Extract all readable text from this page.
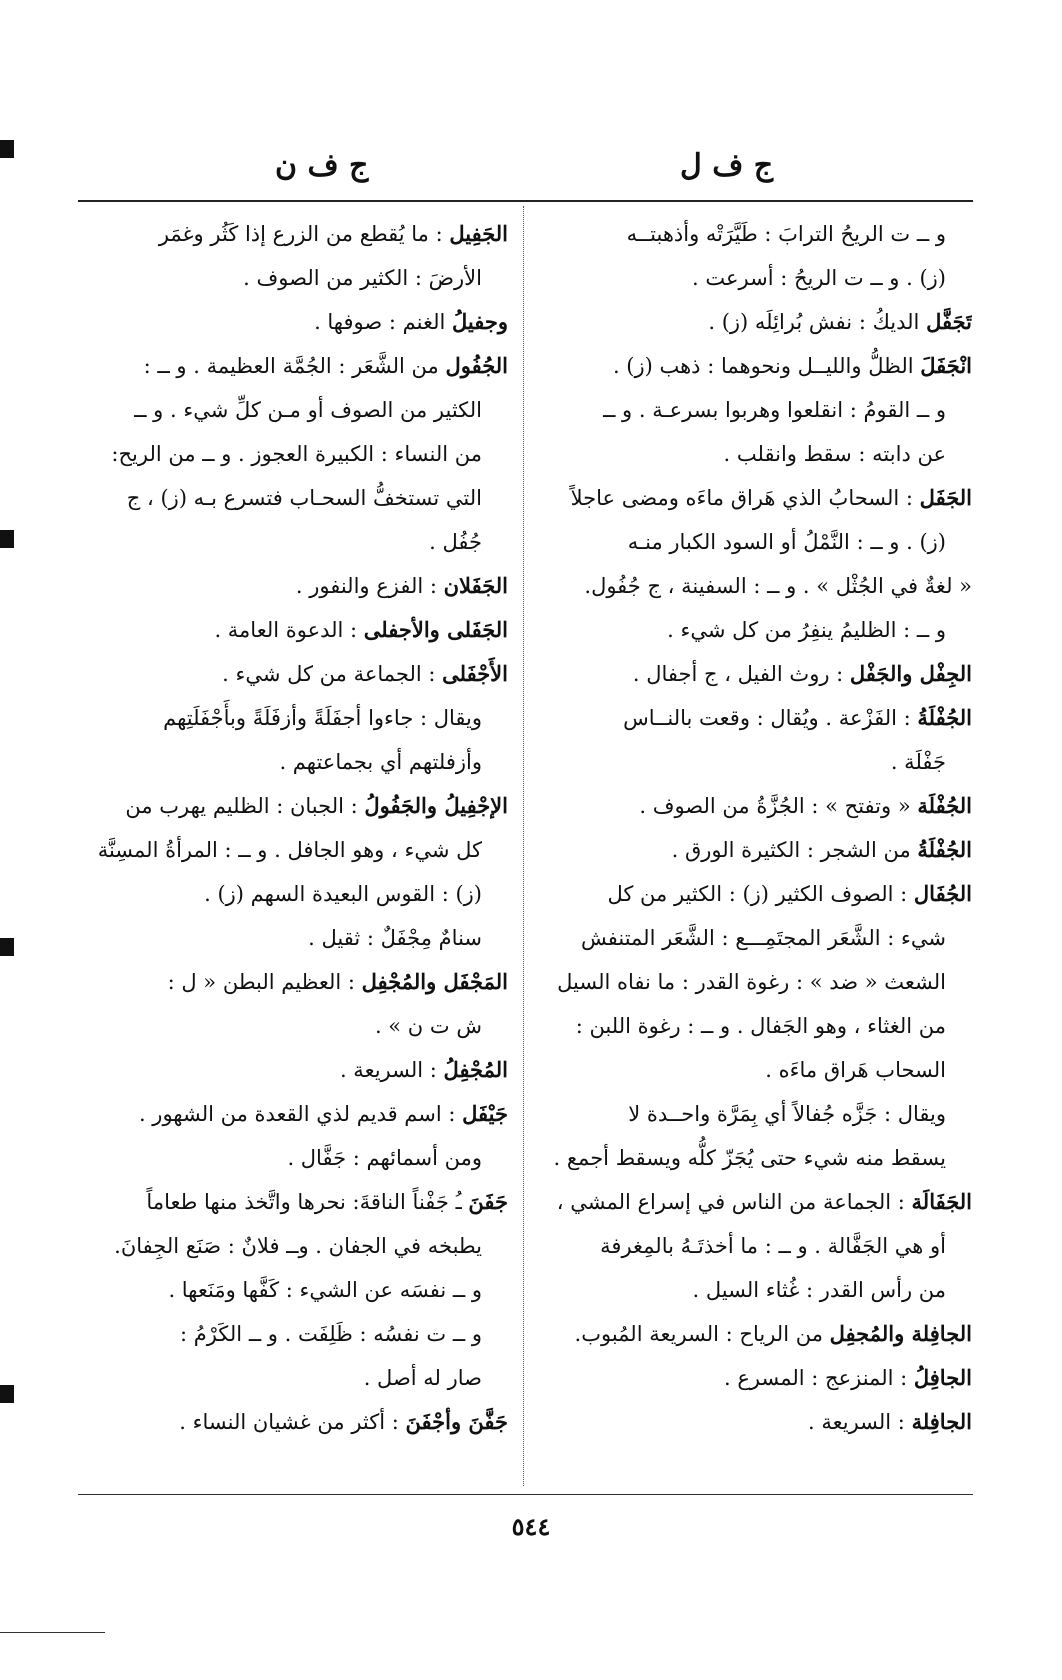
ج ف ل
ج ف ن
و ــ ت الريحُ الترابَ : طَيَّرَتْه وأذهبتــه
(ز) . و ــ ت الريحُ : أسرعت .
تَجَفَّل الديكُ : نفش بُرائِلَه (ز) .
انْجَفَلَ الظلُّ والليــل ونحوهما : ذهب (ز) .
و ــ القومُ : انقلعوا وهربوا بسرعـة . و ــ
عن دابته : سقط وانقلب .
الجَفَل : السحابُ الذي هَراق ماءَه ومضى عاجلاً
(ز) . و ــ : النَّمْلُ أو السود الكبار منـه
« لغةٌ في الجُثْل » . و ــ : السفينة ، ج جُفُول.
و ــ : الظليمُ ينفِرُ من كل شيء .
الجِفْل والجَفْل : روث الفيل ، ج أجفال .
الجُفْلَةُ : الفَزْعة . ويُقال : وقعت بالنــاس
جَفْلَة .
الجُفْلَة « وتفتح » : الجُزَّةُ من الصوف .
الجُفْلَةُ من الشجر : الكثيرة الورق .
الجُفَال : الصوف الكثير (ز) : الكثير من كل
شيء : الشَّعَر المجتَمِـــع : الشَّعَر المتنفش
الشعث « ضد » : رغوة القدر : ما نفاه السيل
من الغثاء ، وهو الجَفال . و ــ : رغوة اللبن :
السحاب هَراق ماءَه .
ويقال : جَزَّه جُفالاً أي بِمَرَّة واحــدة لا
يسقط منه شيء حتى يُجَزّ كلُّه ويسقط أجمع .
الجَفَالَة : الجماعة من الناس في إسراع المشي ،
أو هي الجَفَّالة . و ــ : ما أخذتَـهُ بالمِغرفة
من رأس القدر : غُثاء السيل .
الجافِلة والمُجفِل من الرياح : السريعة المُبوب.
الجافِلُ : المنزعج : المسرع .
الجافِلة : السريعة .
الجَفِيل : ما يُقطع من الزرع إذا كَثُر وغمَر
الأرضَ : الكثير من الصوف .
وجفيلُ الغنم : صوفها .
الجُفُول من الشَّعَر : الجُمَّة العظيمة . و ــ :
الكثير من الصوف أو مـن كلِّ شيء . و ــ
من النساء : الكبيرة العجوز . و ــ من الريح:
التي تستخفُّ السحـاب فتسرع بـه (ز) ، ج
جُفُل .
الجَفَلان : الفزع والنفور .
الجَفَلى والأجفلى : الدعوة العامة .
الأَجْفَلى : الجماعة من كل شيء .
ويقال : جاءوا أجفَلَةً وأزفَلَةً وبأَجْفَلَتِهم
وأزفلتهم أي بجماعتهم .
الإجْفِيلُ والجَفُولُ : الجبان : الظليم يهرب من
كل شيء ، وهو الجافل . و ــ : المرأةُ المسِنَّة
(ز) : القوس البعيدة السهم (ز) .
سنامٌ مِجْفَلٌ : ثقيل .
المَجْفَل والمُجْفِل : العظيم البطن « ل :
ش ت ن » .
المُجْفِلُ : السريعة .
جَيْفَل : اسم قديم لذي القعدة من الشهور .
ومن أسمائهم : جَفَّال .
جَفَنَ ـُ جَفْناً الناقةَ: نحرها واتَّخذ منها طعاماً
يطبخه في الجفان . وــ فلانٌ : صَنَع الجِفانَ.
و ــ نفسَه عن الشيء : كَفَّها ومَنَعها .
و ــ ت نفسُه : ظَلِفَت . و ــ الكَرْمُ :
صار له أصل .
جَفَّنَ وأجْفَنَ : أكثر من غشيان النساء .
٥٤٤
